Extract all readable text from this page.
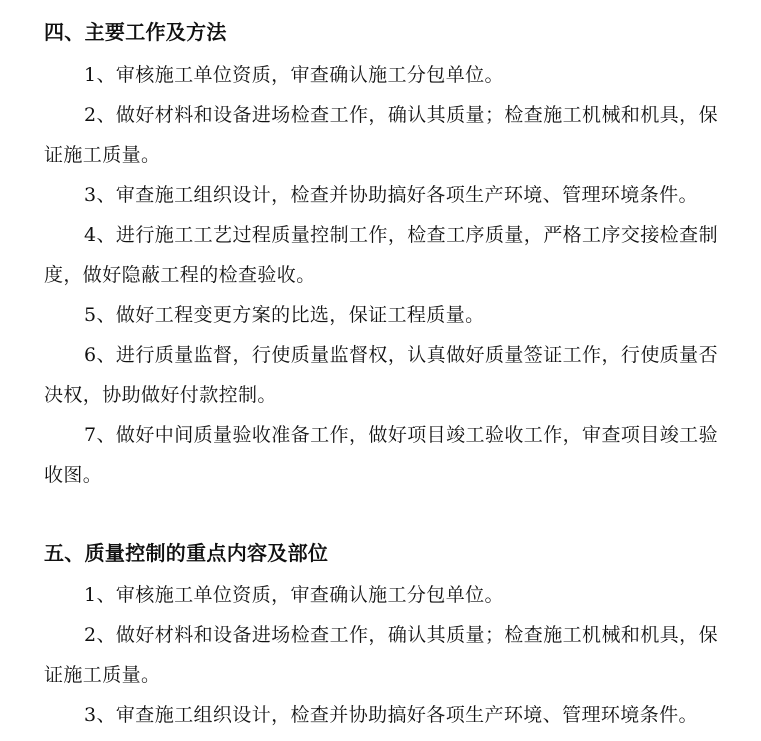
四、主要工作及方法
1、审核施工单位资质，审查确认施工分包单位。
2、做好材料和设备进场检查工作，确认其质量；检查施工机械和机具，保证施工质量。
3、审查施工组织设计，检查并协助搞好各项生产环境、管理环境条件。
4、进行施工工艺过程质量控制工作，检查工序质量，严格工序交接检查制度，做好隐蔽工程的检查验收。
5、做好工程变更方案的比选，保证工程质量。
6、进行质量监督，行使质量监督权，认真做好质量签证工作，行使质量否决权，协助做好付款控制。
7、做好中间质量验收准备工作，做好项目竣工验收工作，审查项目竣工验收图。
五、质量控制的重点内容及部位
1、审核施工单位资质，审查确认施工分包单位。
2、做好材料和设备进场检查工作，确认其质量；检查施工机械和机具，保证施工质量。
3、审查施工组织设计，检查并协助搞好各项生产环境、管理环境条件。
